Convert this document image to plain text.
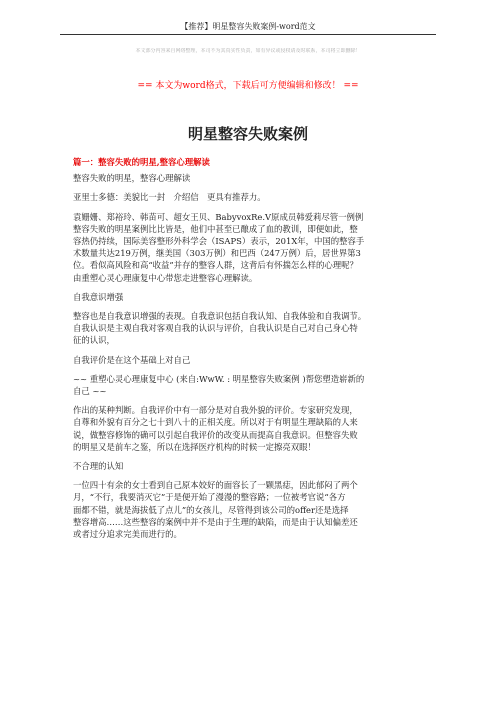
【推荐】明星整容失败案例-word范文
本文部分内容来自网络整理，本司不为其真实性负责，如有异议或侵权请及时联系，本司将立即删除！
== 本文为word格式，下载后可方便编辑和修改！ ==
明星整容失败案例

篇一：整容失败的明星,整容心理解读

整容失败的明星，整容心理解读

亚里士多德：美貌比一封　介绍信　更具有推荐力。

袁姗姗、郑裕玲、韩苗可、超女王贝、BabyvoxRe.V原成员韩爱莉尽管一例例
整容失败的明星案例比比皆是，他们中甚至已酿成了血的教训，即便如此，整
容热仍持续，国际美容整形外科学会（ISAPS）表示，201X年，中国的整容手
术数量共达219万例，继美国（303万例）和巴西（247万例）后，居世界第3
位。看似高风险和高“收益”并存的整容人群，这背后有怀揣怎么样的心理呢？
由重塑心灵心理康复中心带您走进整容心理解读。

自我意识增强

整容也是自我意识增强的表现。自我意识包括自我认知、自我体验和自我调节。
自我认识是主观自我对客观自我的认识与评价，自我认识是自己对自己身心特
征的认识，

自我评价是在这个基础上对自己

~~ 重塑心灵心理康复中心 (来自:WwW. : 明星整容失败案例 )帮您塑造崭新的
自己 ~~

作出的某种判断。自我评价中有一部分是对自我外貌的评价。专家研究发现，
自尊和外貌有百分之七十到八十的正相关度。所以对于有明显生理缺陷的人来
说，做整容修饰的确可以引起自我评价的改变从而提高自我意识。但整容失败
的明星又是前车之鉴，所以在选择医疗机构的时候一定擦亮双眼！

不合理的认知

一位四十有余的女士看到自己原本姣好的面容长了一颗黑痣，因此郁闷了两个
月，“不行，我要消灭它”于是便开始了漫漫的整容路；一位被考官说“各方
面都不错，就是海拔低了点儿”的女孩儿，尽管得到该公司的offer还是选择
整容增高……这些整容的案例中并不是由于生理的缺陷，而是由于认知偏差还
或者过分追求完美而进行的。
